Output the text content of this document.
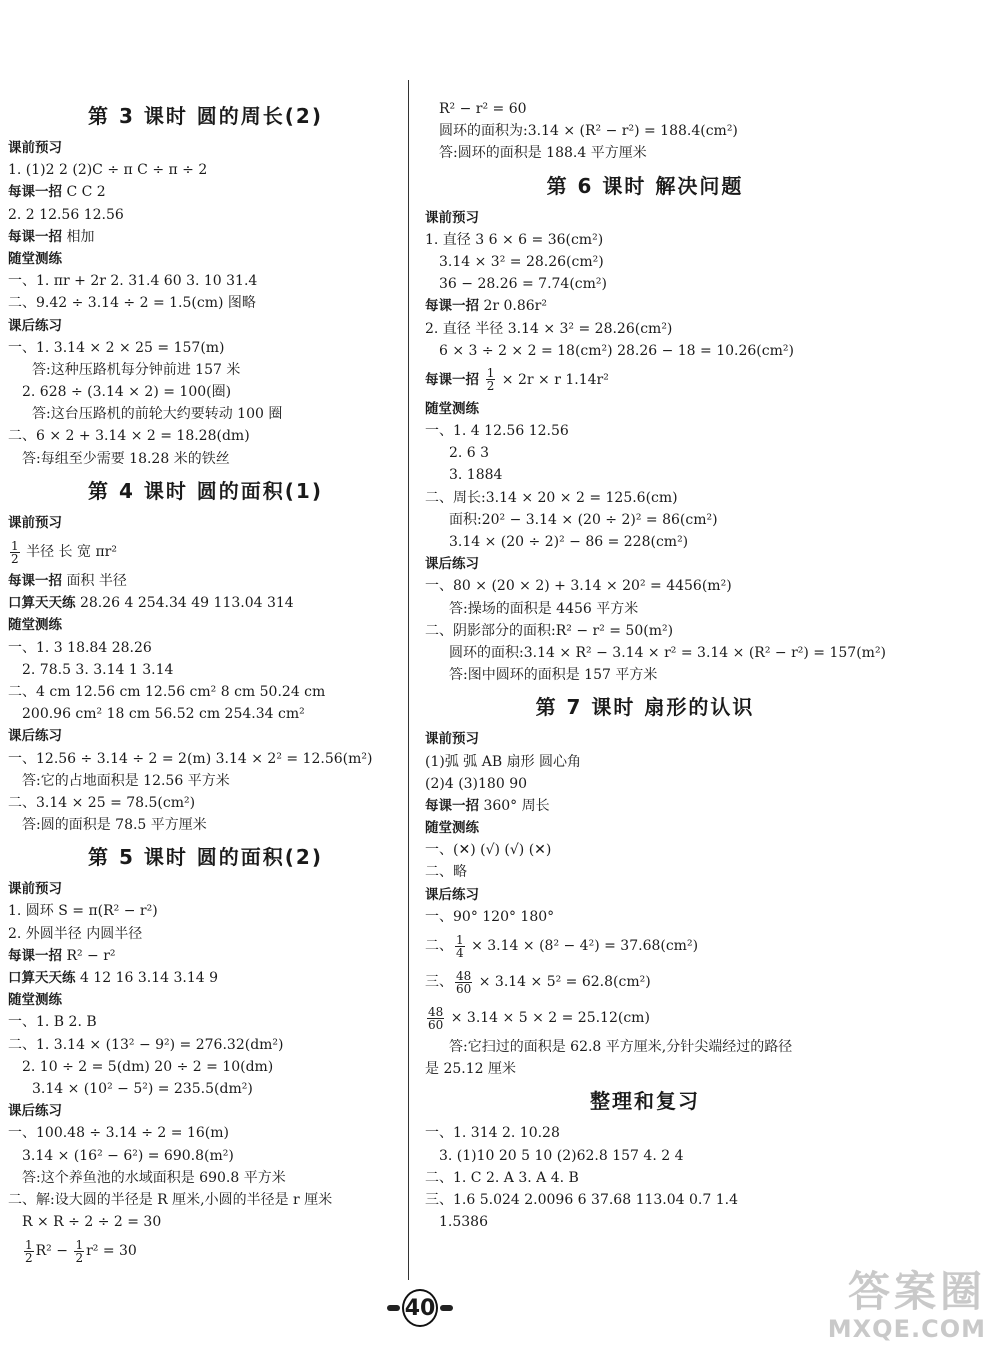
第 3 课时 圆的周长(2)
课前预习
1. (1)2 2 (2)C ÷ π C ÷ π ÷ 2
每课一招 C C 2
2. 2 12.56 12.56
每课一招 相加
随堂测练
一、1. πr + 2r 2. 31.4 60 3. 10 31.4
二、9.42 ÷ 3.14 ÷ 2 = 1.5(cm) 图略
课后练习
一、1. 3.14 × 2 × 25 = 157(m)
答:这种压路机每分钟前进 157 米
2. 628 ÷ (3.14 × 2) = 100(圈)
答:这台压路机的前轮大约要转动 100 圈
二、6 × 2 + 3.14 × 2 = 18.28(dm)
答:每组至少需要 18.28 米的铁丝
第 4 课时 圆的面积(1)
课前预习
$\frac{1}{2}$ 半径 长 宽 πr²
每课一招 面积 半径
口算天天练 28.26 4 254.34 49 113.04 314
随堂测练
一、1. 3 18.84 28.26
2. 78.5 3. 3.14 1 3.14
二、4 cm 12.56 cm 12.56 cm² 8 cm 50.24 cm
200.96 cm² 18 cm 56.52 cm 254.34 cm²
课后练习
一、12.56 ÷ 3.14 ÷ 2 = 2(m) 3.14 × 2² = 12.56(m²)
答:它的占地面积是 12.56 平方米
二、3.14 × 25 = 78.5(cm²)
答:圆的面积是 78.5 平方厘米
第 5 课时 圆的面积(2)
课前预习
1. 圆环 S = π(R² − r²)
2. 外圆半径 内圆半径
每课一招 R² − r²
口算天天练 4 12 16 3.14 3.14 9
随堂测练
一、1. B 2. B
二、1. 3.14 × (13² − 9²) = 276.32(dm²)
2. 10 ÷ 2 = 5(dm) 20 ÷ 2 = 10(dm)
3.14 × (10² − 5²) = 235.5(dm²)
课后练习
一、100.48 ÷ 3.14 ÷ 2 = 16(m)
3.14 × (16² − 6²) = 690.8(m²)
答:这个养鱼池的水域面积是 690.8 平方米
二、解:设大圆的半径是 R 厘米,小圆的半径是 r 厘米
R × R ÷ 2 ÷ 2 = 30
$\frac{1}{2} R^2 - \frac{1}{2} r^2 = 30$
R² − r² = 60
圆环的面积为:3.14 × (R² − r²) = 188.4(cm²)
答:圆环的面积是 188.4 平方厘米
第 6 课时 解决问题
课前预习
1. 直径 3 6 × 6 = 36(cm²)
3.14 × 3² = 28.26(cm²)
36 − 28.26 = 7.74(cm²)
每课一招 2r 0.86r²
2. 直径 半径 3.14 × 3² = 28.26(cm²)
6 × 3 ÷ 2 × 2 = 18(cm²) 28.26 − 18 = 10.26(cm²)
每课一招 $\frac{1}{2} \times 2r \times r$ 1.14r²
随堂测练
一、1. 4 12.56 12.56
2. 6 3
3. 1884
二、周长:3.14 × 20 × 2 = 125.6(cm)
面积:20² − 3.14 × (20 ÷ 2)² = 86(cm²)
3.14 × (20 ÷ 2)² − 86 = 228(cm²)
课后练习
一、80 × (20 × 2) + 3.14 × 20² = 4456(m²)
答:操场的面积是 4456 平方米
二、阴影部分的面积:R² − r² = 50(m²)
圆环的面积:3.14 × R² − 3.14 × r² = 3.14 × (R² − r²) = 157(m²)
答:图中圆环的面积是 157 平方米
第 7 课时 扇形的认识
课前预习
(1)弧 弧 AB 扇形 圆心角
(2)4 (3)180 90
每课一招 360° 周长
随堂测练
一、(✕) (√) (√) (✕)
二、略
课后练习
一、90° 120° 180°
二、 $\frac{1}{4} \times 3.14 \times (8^2 - 4^2) = 37.68(cm^2)$
三、 $\frac{48}{60} \times 3.14 \times 5^2 = 62.8(cm^2)$
$\frac{48}{60} \times 3.14 \times 5 \times 2 = 25.12(cm)$
答:它扫过的面积是 62.8 平方厘米,分针尖端经过的路径
是 25.12 厘米
整理和复习
一、1. 314 2. 10.28
3. (1)10 20 5 10 (2)62.8 157 4. 2 4
二、1. C 2. A 3. A 4. B
三、1.6 5.024 2.0096 6 37.68 113.04 0.7 1.4
1.5386
40	答案圈
MXQE.COM
